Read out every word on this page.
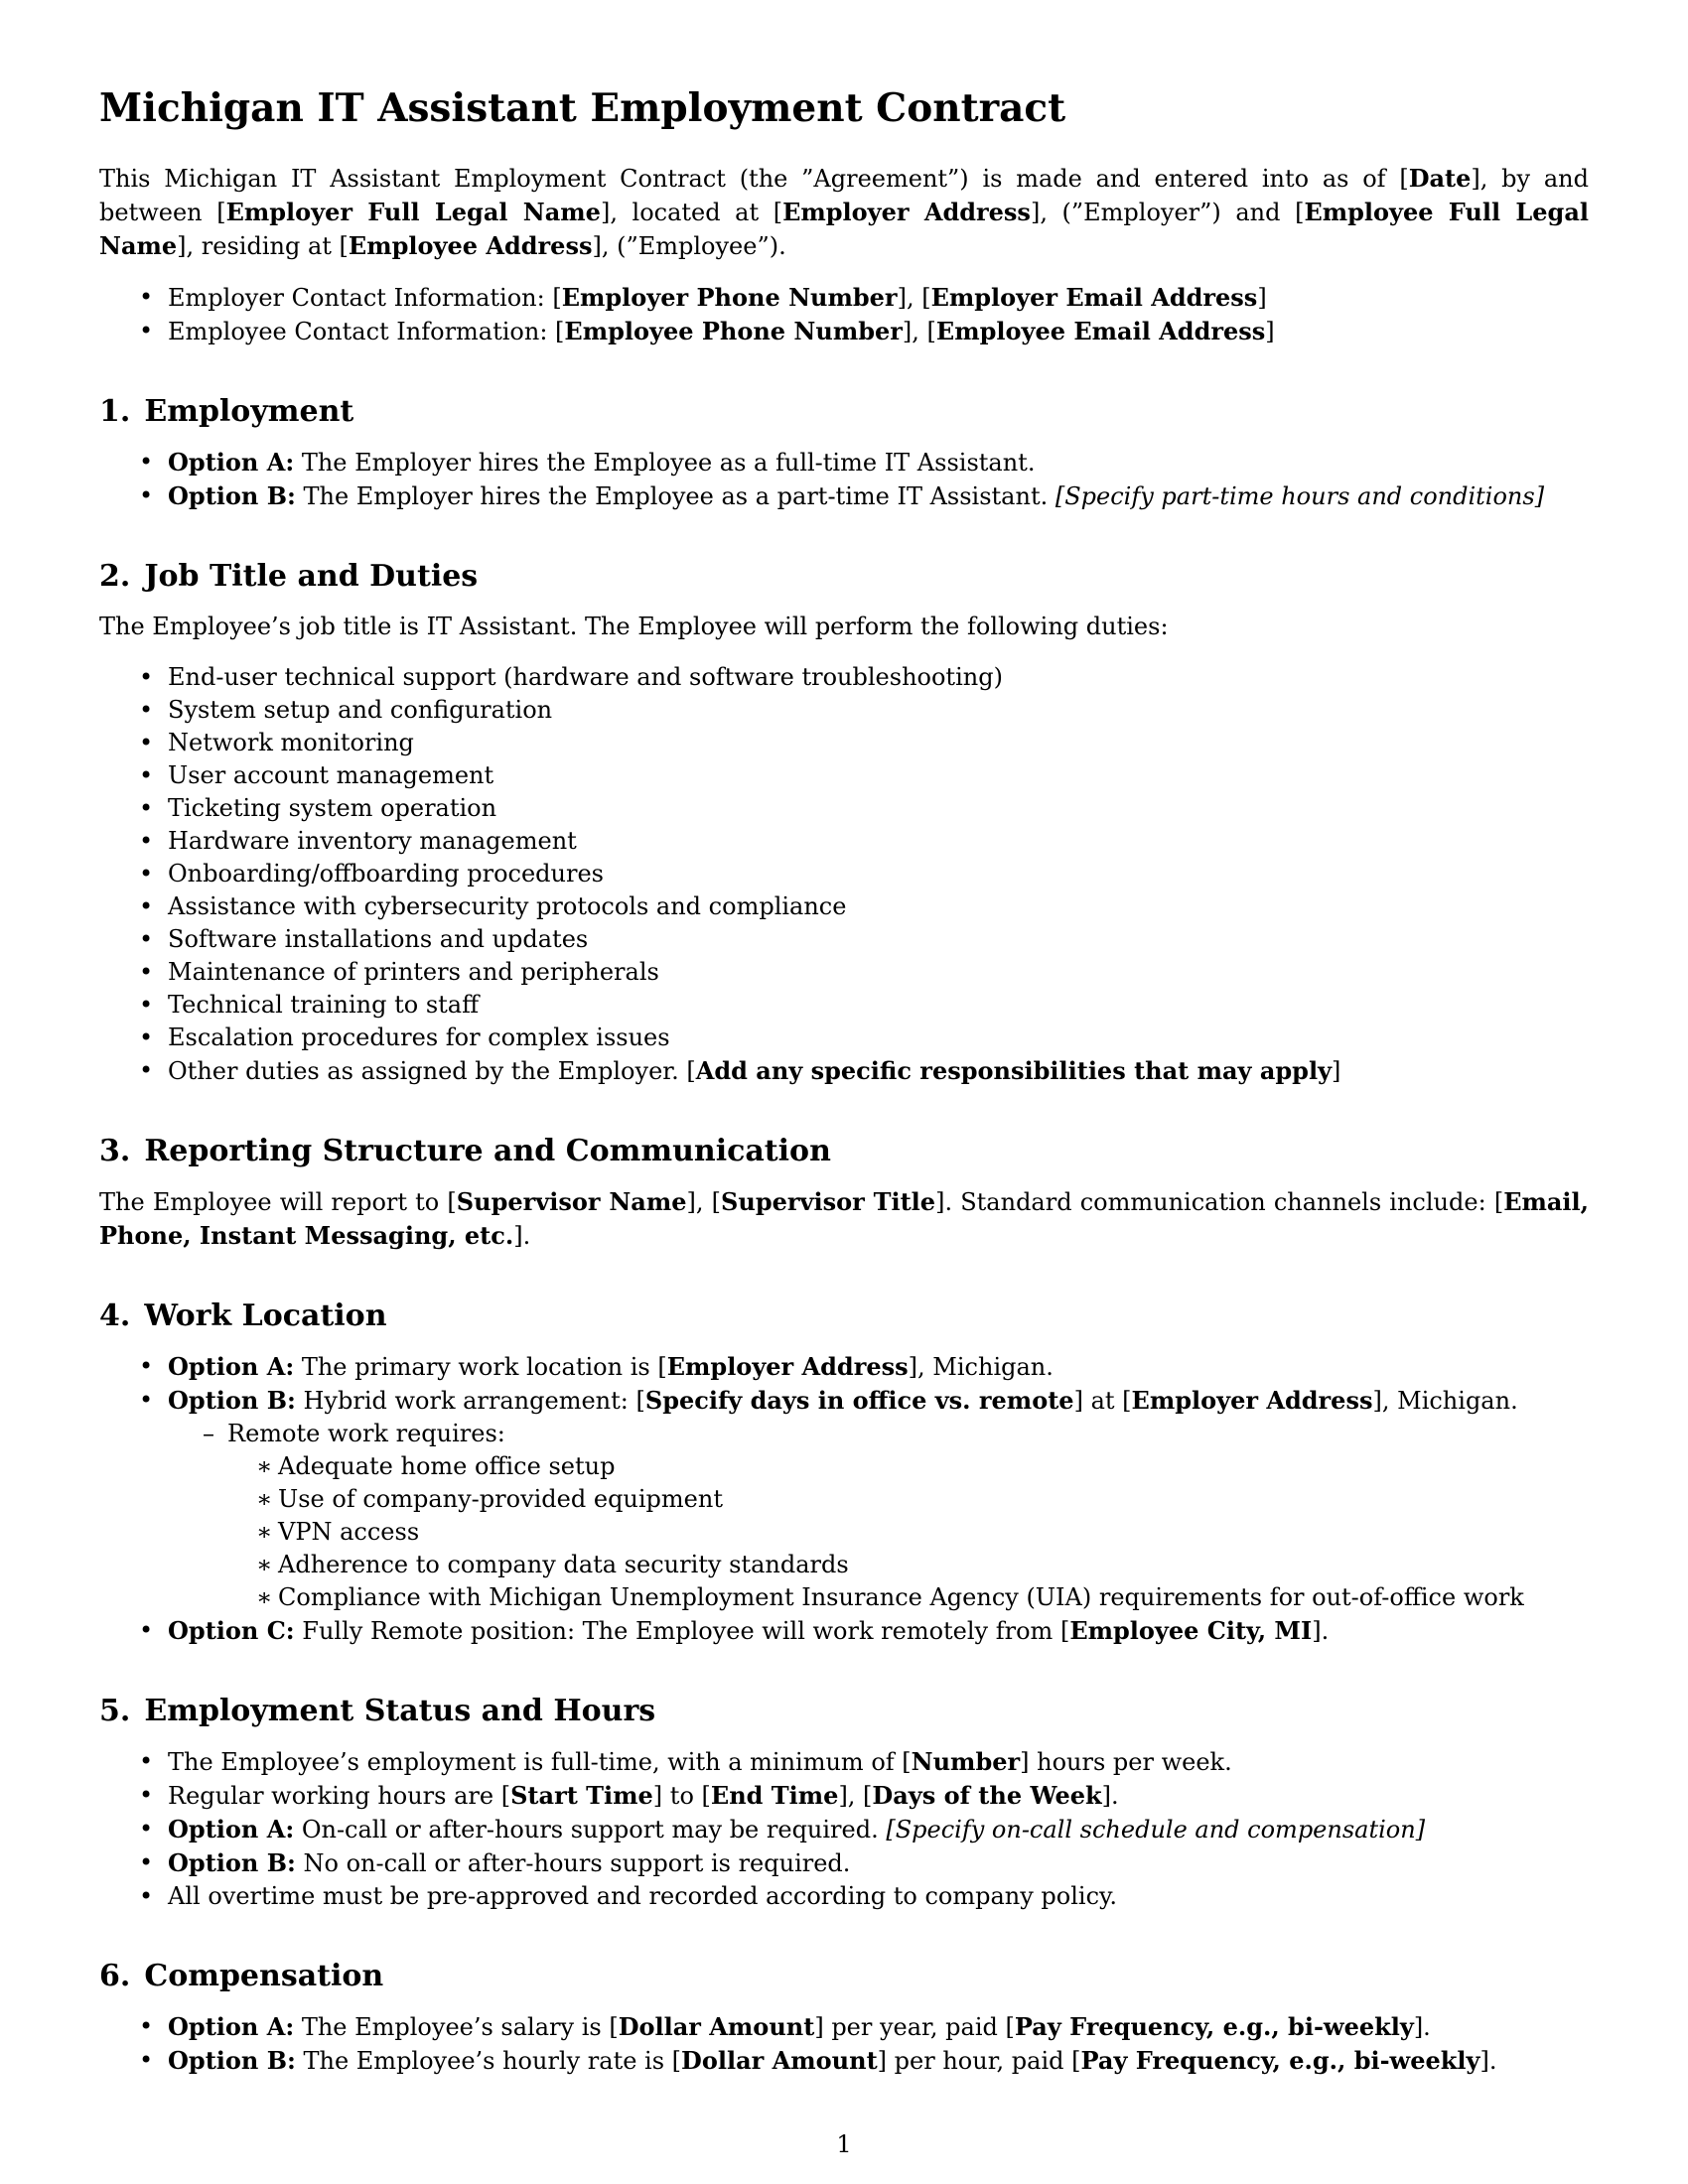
Michigan IT Assistant Employment Contract

This Michigan IT Assistant Employment Contract (the ”Agreement”) is made and entered into as of [Date], by and between [Employer Full Legal Name], located at [Employer Address], (”Employer”) and [Employee Full Legal Name], residing at [Employee Address], (”Employee”).

• Employer Contact Information: [Employer Phone Number], [Employer Email Address]
• Employee Contact Information: [Employee Phone Number], [Employee Email Address]
1. Employment
• Option A: The Employer hires the Employee as a full-time IT Assistant.
• Option B: The Employer hires the Employee as a part-time IT Assistant. [Specify part-time hours and conditions]
2. Job Title and Duties

The Employee’s job title is IT Assistant. The Employee will perform the following duties:

• End-user technical support (hardware and software troubleshooting)
• System setup and configuration
• Network monitoring
• User account management
• Ticketing system operation
• Hardware inventory management
• Onboarding/offboarding procedures
• Assistance with cybersecurity protocols and compliance
• Software installations and updates
• Maintenance of printers and peripherals
• Technical training to staff
• Escalation procedures for complex issues
• Other duties as assigned by the Employer. [Add any specific responsibilities that may apply]
3. Reporting Structure and Communication

The Employee will report to [Supervisor Name], [Supervisor Title]. Standard communication channels include: [Email, Phone, Instant Messaging, etc.].

4. Work Location
• Option A: The primary work location is [Employer Address], Michigan.
• Option B: Hybrid work arrangement: [Specify days in office vs. remote] at [Employer Address], Michigan.
– Remote work requires:
∗ Adequate home office setup
∗ Use of company-provided equipment
∗ VPN access
∗ Adherence to company data security standards
∗ Compliance with Michigan Unemployment Insurance Agency (UIA) requirements for out-of-office work
• Option C: Fully Remote position: The Employee will work remotely from [Employee City, MI].
5. Employment Status and Hours
• The Employee’s employment is full-time, with a minimum of [Number] hours per week.
• Regular working hours are [Start Time] to [End Time], [Days of the Week].
• Option A: On-call or after-hours support may be required. [Specify on-call schedule and compensation]
• Option B: No on-call or after-hours support is required.
• All overtime must be pre-approved and recorded according to company policy.
6. Compensation
• Option A: The Employee’s salary is [Dollar Amount] per year, paid [Pay Frequency, e.g., bi-weekly].
• Option B: The Employee’s hourly rate is [Dollar Amount] per hour, paid [Pay Frequency, e.g., bi-weekly].
1
